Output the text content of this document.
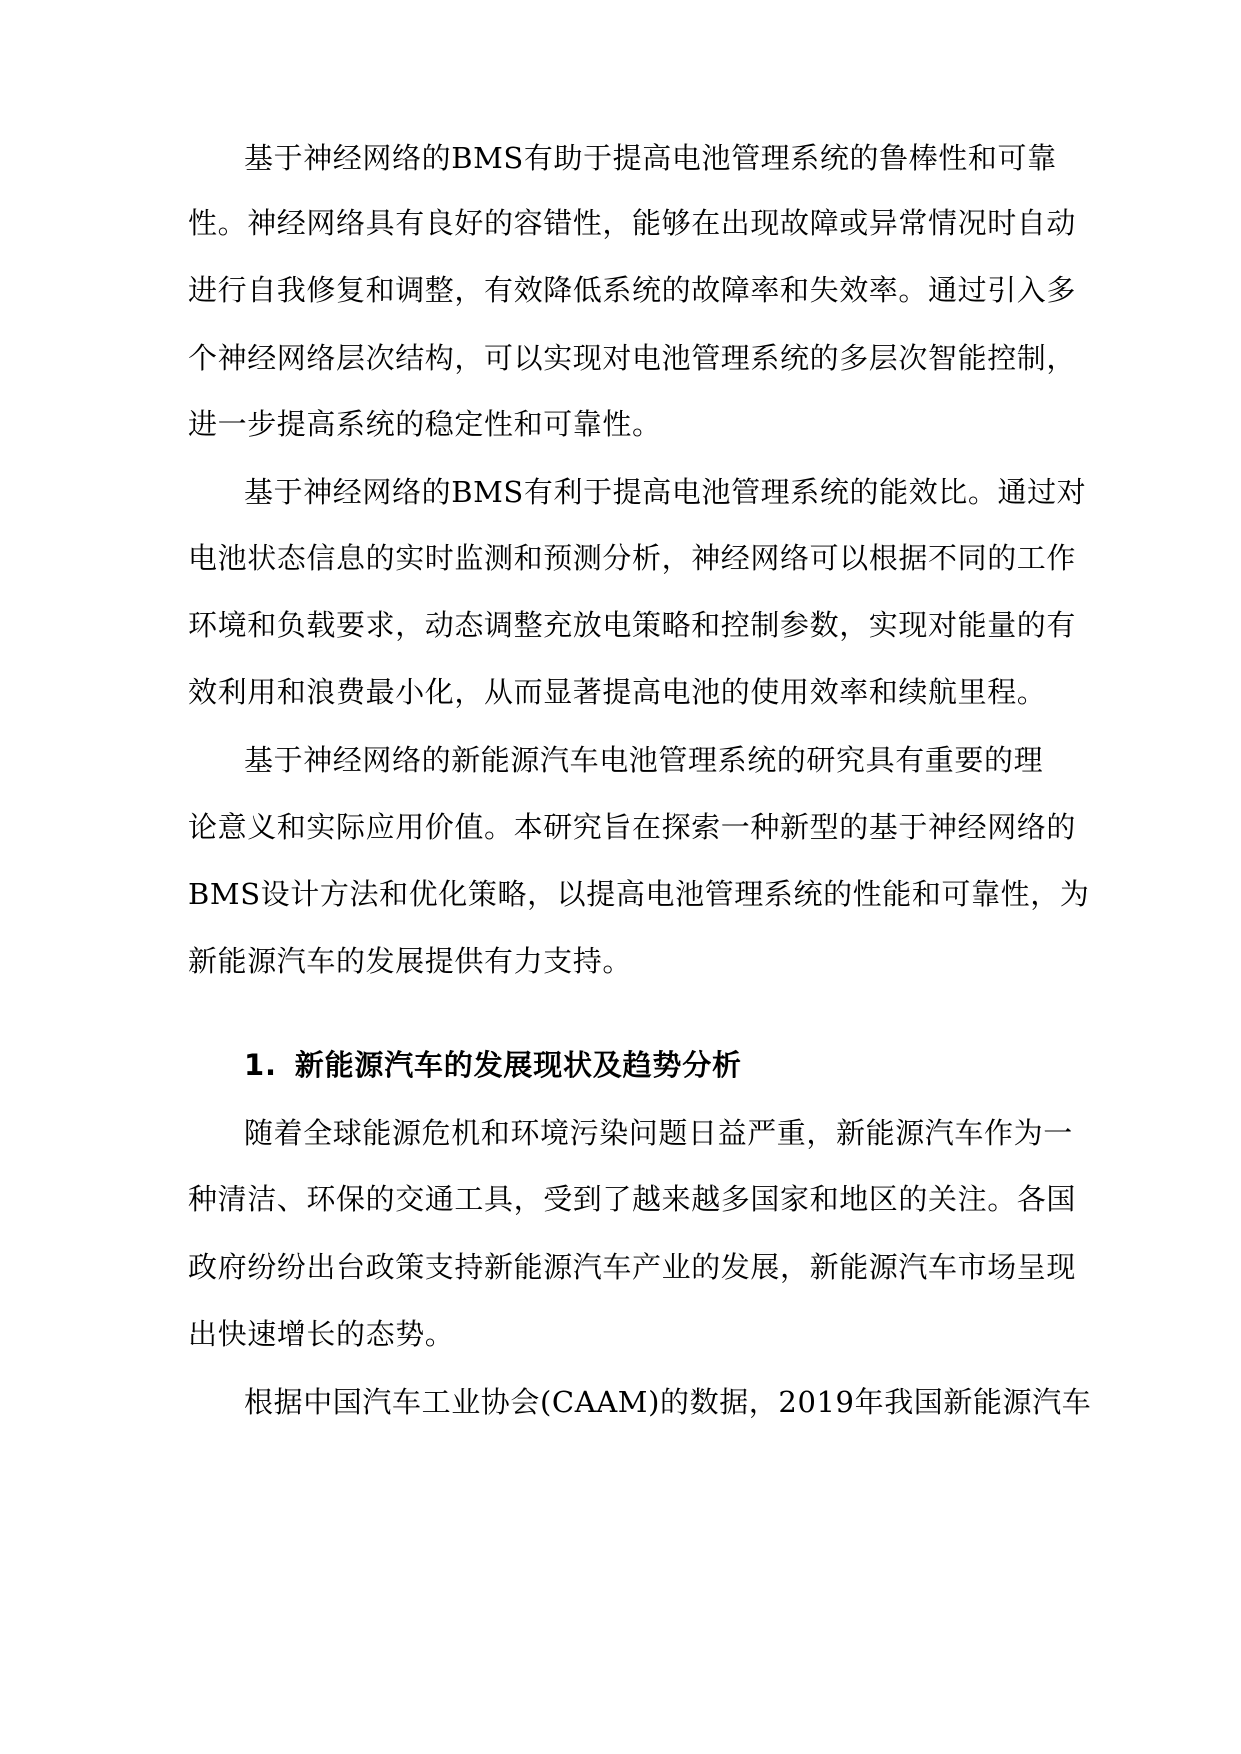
基于神经网络的BMS有助于提高电池管理系统的鲁棒性和可靠
性。神经网络具有良好的容错性，能够在出现故障或异常情况时自动
进行自我修复和调整，有效降低系统的故障率和失效率。通过引入多
个神经网络层次结构，可以实现对电池管理系统的多层次智能控制，
进一步提高系统的稳定性和可靠性。
基于神经网络的BMS有利于提高电池管理系统的能效比。通过对
电池状态信息的实时监测和预测分析，神经网络可以根据不同的工作
环境和负载要求，动态调整充放电策略和控制参数，实现对能量的有
效利用和浪费最小化，从而显著提高电池的使用效率和续航里程。
基于神经网络的新能源汽车电池管理系统的研究具有重要的理
论意义和实际应用价值。本研究旨在探索一种新型的基于神经网络的
BMS设计方法和优化策略，以提高电池管理系统的性能和可靠性，为
新能源汽车的发展提供有力支持。
1. 新能源汽车的发展现状及趋势分析
随着全球能源危机和环境污染问题日益严重，新能源汽车作为一
种清洁、环保的交通工具，受到了越来越多国家和地区的关注。各国
政府纷纷出台政策支持新能源汽车产业的发展，新能源汽车市场呈现
出快速增长的态势。
根据中国汽车工业协会(CAAM)的数据，2019年我国新能源汽车
